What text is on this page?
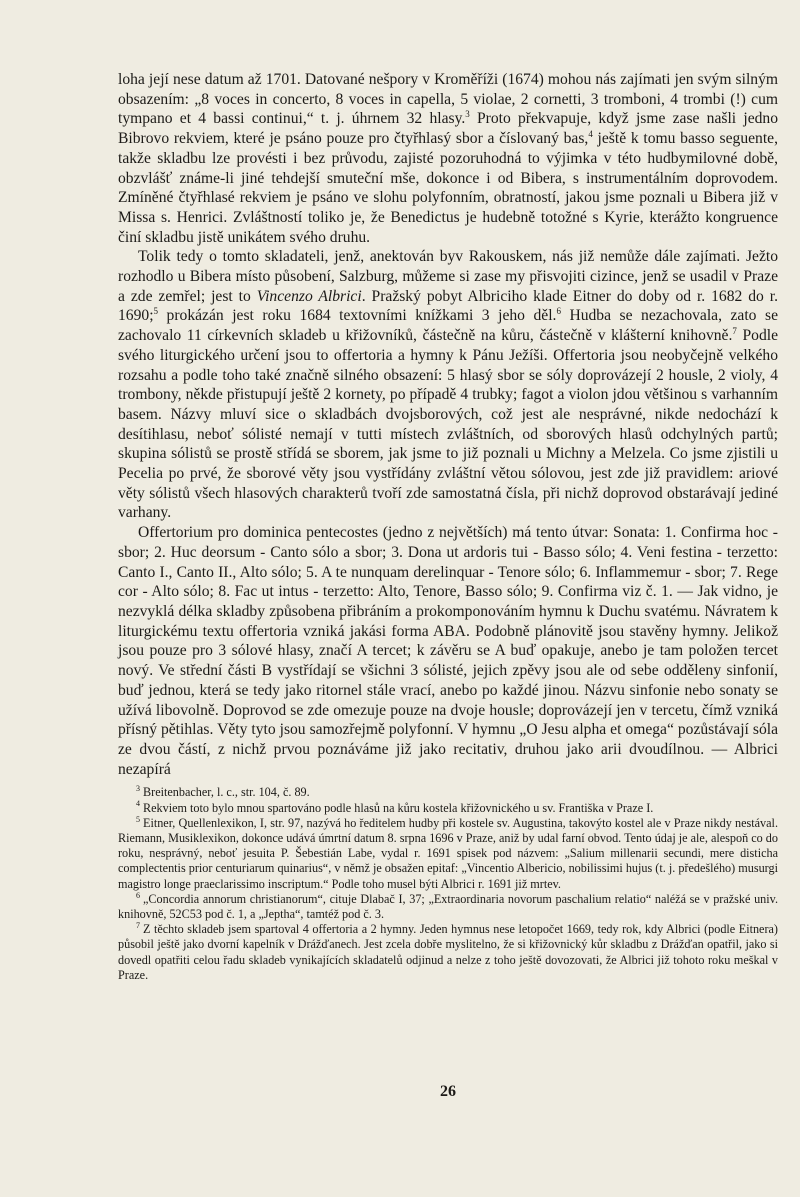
loha její nese datum až 1701. Datované nešpory v Kroměříži (1674) mohou nás zajímati jen svým silným obsazením: „8 voces in concerto, 8 voces in capella, 5 violae, 2 cornetti, 3 tromboni, 4 trombi (!) cum tympano et 4 bassi continui,“ t. j. úhrnem 32 hlasy.$^3$ Proto překvapuje, když jsme zase našli jedno Bibrovo rekviem, které je psáno pouze pro čtyřhlasý sbor a číslovaný bas,$^4$ ještě k tomu basso seguente, takže skladbu lze provésti i bez průvodu, zajisté pozoruhodná to výjimka v této hudbymilovné době, obzvlášť známe-li jiné tehdejší smuteční mše, dokonce i od Bibera, s instrumentálním doprovodem. Zmíněné čtyřhlasé rekviem je psáno ve slohu polyfonním, obratností, jakou jsme poznali u Bibera již v Missa s. Henrici. Zvláštností toliko je, že Benedictus je hudebně totožné s Kyrie, kterážto kongruence činí skladbu jistě unikátem svého druhu.

Tolik tedy o tomto skladateli, jenž, anektován byv Rakouskem, nás již nemůže dále zajímati. Ježto rozhodlo u Bibera místo působení, Salzburg, můžeme si zase my přisvojiti cizince, jenž se usadil v Praze a zde zemřel; jest to Vincenzo Albrici. Pražský pobyt Albriciho klade Eitner do doby od r. 1682 do r. 1690;$^5$ prokázán jest roku 1684 textovními knížkami 3 jeho děl.$^6$ Hudba se nezachovala, zato se zachovalo 11 církevních skladeb u křižovníků, částečně na kůru, částečně v klášterní knihovně.$^7$ Podle svého liturgického určení jsou to offertoria a hymny k Pánu Ježíši. Offertoria jsou neobyčejně velkého rozsahu a podle toho také značně silného obsazení: 5 hlasý sbor se sóly doprovázejí 2 housle, 2 violy, 4 trombony, někde přistupují ještě 2 kornety, po případě 4 trubky; fagot a violon jdou většinou s varhanním basem. Názvy mluví sice o skladbách dvojsborových, což jest ale nesprávné, nikde nedochází k desítihlasu, neboť sólisté nemají v tutti místech zvláštních, od sborových hlasů odchylných partů; skupina sólistů se prostě střídá se sborem, jak jsme to již poznali u Michny a Melzela. Co jsme zjistili u Pecelia po prvé, že sborové věty jsou vystřídány zvláštní větou sólovou, jest zde již pravidlem: ariové věty sólistů všech hlasových charakterů tvoří zde samostatná čísla, při nichž doprovod obstarávají jediné varhany.

Offertorium pro dominica pentecostes (jedno z největších) má tento útvar: Sonata: 1. Confirma hoc - sbor; 2. Huc deorsum - Canto sólo a sbor; 3. Dona ut ardoris tui - Basso sólo; 4. Veni festina - terzetto: Canto I., Canto II., Alto sólo; 5. A te nunquam derelinquar - Tenore sólo; 6. Inflammemur - sbor; 7. Rege cor - Alto sólo; 8. Fac ut intus - terzetto: Alto, Tenore, Basso sólo; 9. Confirma viz č. 1. — Jak vidno, je nezvyklá délka skladby způsobena přibráním a prokomponováním hymnu k Duchu svatému. Návratem k liturgickému textu offertoria vzniká jakási forma ABA. Podobně plánovitě jsou stavěny hymny. Jelikož jsou pouze pro 3 sólové hlasy, značí A tercet; k závěru se A buď opakuje, anebo je tam položen tercet nový. Ve střední části B vystřídají se všichni 3 sólisté, jejich zpěvy jsou ale od sebe odděleny sinfonií, buď jednou, která se tedy jako ritornel stále vrací, anebo po každé jinou. Názvu sinfonie nebo sonaty se užívá libovolně. Doprovod se zde omezuje pouze na dvoje housle; doprovázejí jen v tercetu, čímž vzniká přísný pětihlas. Věty tyto jsou samozřejmě polyfonní. V hymnu „O Jesu alpha et omega“ pozůstávají sóla ze dvou částí, z nichž prvou poznáváme již jako recitativ, druhou jako arii dvoudílnou. — Albrici nezapírá

$^3$ Breitenbacher, l. c., str. 104, č. 89.

$^4$ Rekviem toto bylo mnou spartováno podle hlasů na kůru kostela křižovnického u sv. Františka v Praze I.

$^5$ Eitner, Quellenlexikon, I, str. 97, nazývá ho ředitelem hudby při kostele sv. Augustina, takovýto kostel ale v Praze nikdy nestával. Riemann, Musiklexikon, dokonce udává úmrtní datum 8. srpna 1696 v Praze, aniž by udal farní obvod. Tento údaj je ale, alespoň co do roku, nesprávný, neboť jesuita P. Šebestián Labe, vydal r. 1691 spisek pod názvem: „Salium millenarii secundi, mere disticha complectentis prior centuriarum quinarius“, v němž je obsažen epitaf: „Vincentio Albericio, nobilissimi hujus (t. j. předešlého) musurgi magistro longe praeclarissimo inscriptum.“ Podle toho musel býti Albrici r. 1691 již mrtev.

$^6$ „Concordia annorum christianorum“, cituje Dlabač I, 37; „Extraordinaria novorum paschalium relatio“ naléžá se v pražské univ. knihovně, 52C53 pod č. 1, a „Jeptha“, tamtéž pod č. 3.

$^7$ Z těchto skladeb jsem spartoval 4 offertoria a 2 hymny. Jeden hymnus nese letopočet 1669, tedy rok, kdy Albrici (podle Eitnera) působil ještě jako dvorní kapelník v Drážďanech. Jest zcela dobře myslitelno, že si křižovnický kůr skladbu z Drážďan opatřil, jako si dovedl opatřiti celou řadu skladeb vynikajících skladatelů odjinud a nelze z toho ještě dovozovati, že Albrici již tohoto roku meškal v Praze.

26
